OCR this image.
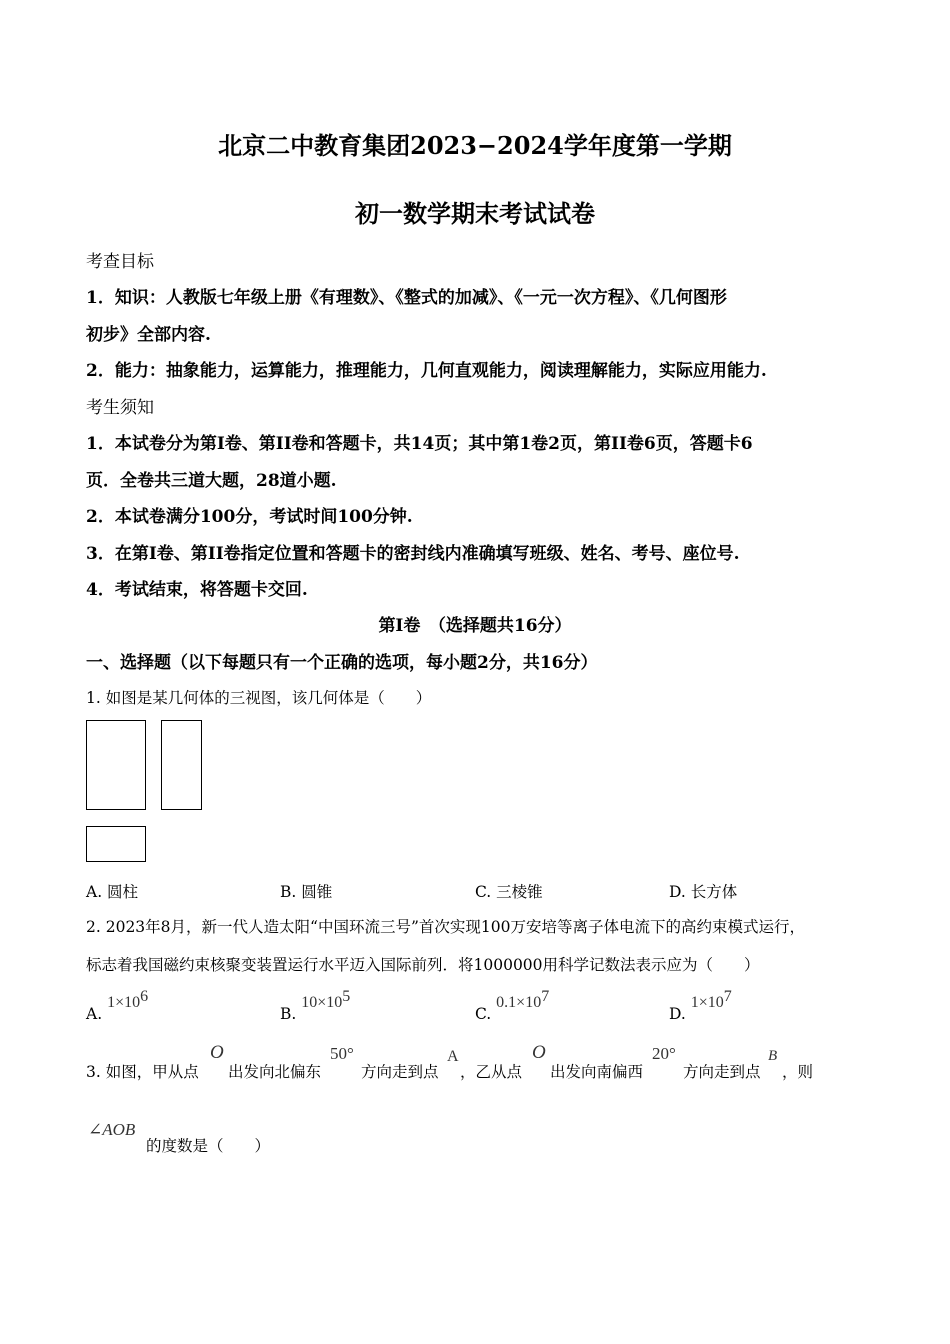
北京二中教育集团2023−2024学年度第一学期
初一数学期末考试试卷
考查目标
1．知识：人教版七年级上册《有理数》、《整式的加减》、《一元一次方程》、《几何图形
初步》全部内容.
2．能力：抽象能力，运算能力，推理能力，几何直观能力，阅读理解能力，实际应用能力.
考生须知
1．本试卷分为第I卷、第II卷和答题卡，共14页；其中第1卷2页，第II卷6页，答题卡6
页．全卷共三道大题，28道小题.
2．本试卷满分100分，考试时间100分钟.
3．在第I卷、第II卷指定位置和答题卡的密封线内准确填写班级、姓名、考号、座位号.
4．考试结束，将答题卡交回.
第I卷　（选择题共16分）
一、选择题（以下每题只有一个正确的选项，每小题2分，共16分）
1. 如图是某几何体的三视图，该几何体是（　　）
A. 圆柱	B. 圆锥	C. 三棱锥	D. 长方体
2. 2023年8月，新一代人造太阳“中国环流三号”首次实现100万安培等离子体电流下的高约束模式运行，
标志着我国磁约束核聚变装置运行水平迈入国际前列．将1000000用科学记数法表示应为（　　）
A. $1\times 10^6$
B. $10\times 10^5$
C. $0.1\times 10^7$
D. $1\times 10^7$
3. 如图，甲从点
O
出发向北偏东
50°
方向走到点
A
，乙从点
O
出发向南偏西
20°
方向走到点
B
，则
∠AOB
的度数是（　　）
